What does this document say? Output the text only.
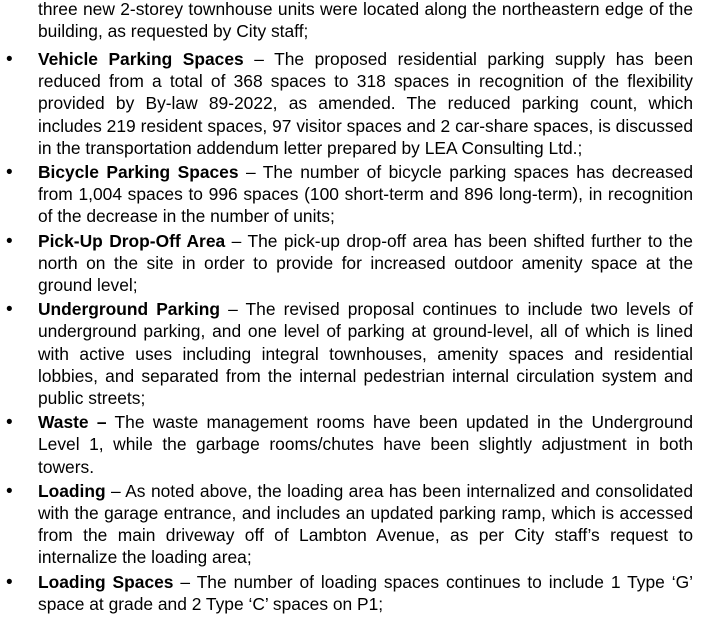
three new 2-storey townhouse units were located along the northeastern edge of the building, as requested by City staff;
•
Vehicle Parking Spaces – The proposed residential parking supply has been reduced from a total of 368 spaces to 318 spaces in recognition of the flexibility provided by By-law 89-2022, as amended. The reduced parking count, which includes 219 resident spaces, 97 visitor spaces and 2 car-share spaces, is discussed in the transportation addendum letter prepared by LEA Consulting Ltd.;
•
Bicycle Parking Spaces – The number of bicycle parking spaces has decreased from 1,004 spaces to 996 spaces (100 short-term and 896 long-term), in recognition of the decrease in the number of units;
•
Pick-Up Drop-Off Area – The pick-up drop-off area has been shifted further to the north on the site in order to provide for increased outdoor amenity space at the ground level;
•
Underground Parking – The revised proposal continues to include two levels of underground parking, and one level of parking at ground-level, all of which is lined with active uses including integral townhouses, amenity spaces and residential lobbies, and separated from the internal pedestrian internal circulation system and public streets;
•
Waste – The waste management rooms have been updated in the Underground Level 1, while the garbage rooms/chutes have been slightly adjustment in both towers.
•
Loading – As noted above, the loading area has been internalized and consolidated with the garage entrance, and includes an updated parking ramp, which is accessed from the main driveway off of Lambton Avenue, as per City staff’s request to internalize the loading area;
•
Loading Spaces – The number of loading spaces continues to include 1 Type ‘G’ space at grade and 2 Type ‘C’ spaces on P1;
